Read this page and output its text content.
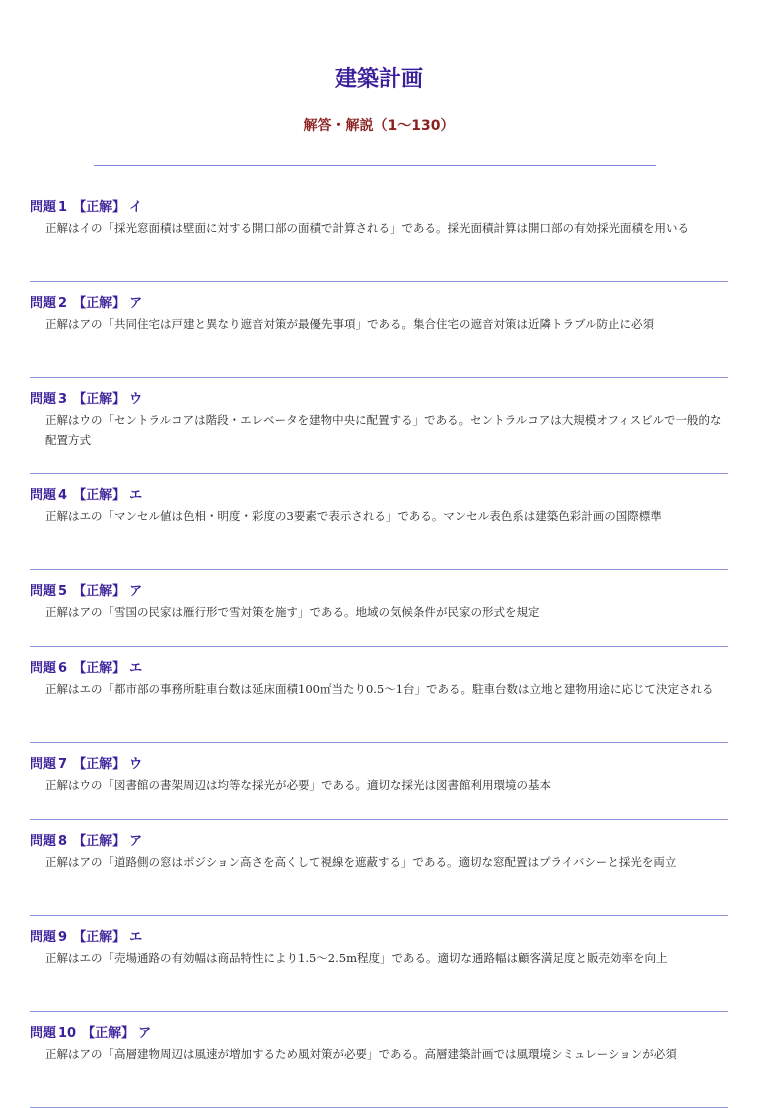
建築計画
解答・解説（1〜130）

問題 1 【正解】 イ

正解はイの「採光窓面積は壁面に対する開口部の面積で計算される」である。採光面積計算は開口部の有効採光面積を用いる

問題 2 【正解】 ア

正解はアの「共同住宅は戸建と異なり遮音対策が最優先事項」である。集合住宅の遮音対策は近隣トラブル防止に必須

問題 3 【正解】 ウ

正解はウの「セントラルコアは階段・エレベータを建物中央に配置する」である。セントラルコアは大規模オフィスビルで一般的な配置方式

問題 4 【正解】 エ

正解はエの「マンセル値は色相・明度・彩度の3要素で表示される」である。マンセル表色系は建築色彩計画の国際標準

問題 5 【正解】 ア

正解はアの「雪国の民家は雁行形で雪対策を施す」である。地域の気候条件が民家の形式を規定

問題 6 【正解】 エ

正解はエの「都市部の事務所駐車台数は延床面積100㎡当たり0.5〜1台」である。駐車台数は立地と建物用途に応じて決定される

問題 7 【正解】 ウ

正解はウの「図書館の書架周辺は均等な採光が必要」である。適切な採光は図書館利用環境の基本

問題 8 【正解】 ア

正解はアの「道路側の窓はポジション高さを高くして視線を遮蔽する」である。適切な窓配置はプライバシーと採光を両立

問題 9 【正解】 エ

正解はエの「売場通路の有効幅は商品特性により1.5〜2.5m程度」である。適切な通路幅は顧客満足度と販売効率を向上

問題 10 【正解】 ア

正解はアの「高層建物周辺は風速が増加するため風対策が必要」である。高層建築計画では風環境シミュレーションが必須
